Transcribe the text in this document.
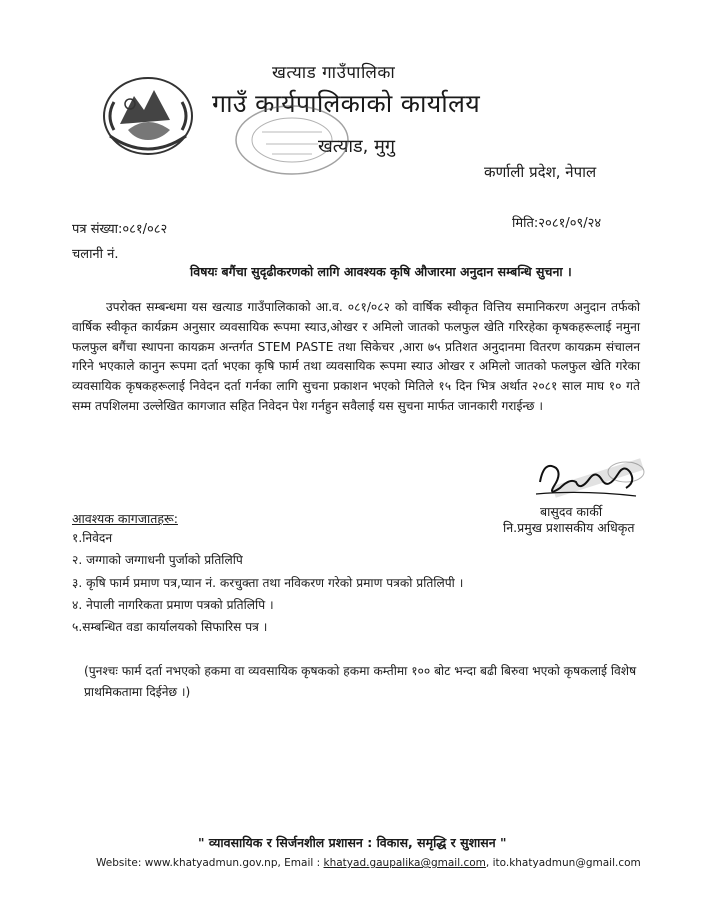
खत्याड गाउँपालिका
गाउँ कार्यपालिकाको कार्यालय
खत्याड, मुगु
कर्णाली प्रदेश, नेपाल
पत्र संख्या:०८१/०८२	मिति:२०८१/०९/२४
चलानी नं.
विषयः बगैंचा सुदृढीकरणको लागि आवश्यक कृषि औजारमा अनुदान सम्बन्धि सुचना ।
उपरोक्त सम्बन्धमा यस खत्याड गाउँपालिकाको आ.व. ०८१/०८२ को वार्षिक स्वीकृत वित्तिय समानिकरण अनुदान तर्फको वार्षिक स्वीकृत कार्यक्रम अनुसार व्यवसायिक रूपमा स्याउ,ओखर र अमिलो जातको फलफुल खेति गरिरहेका कृषकहरूलाई नमुना फलफुल बगैंचा स्थापना कायक्रम अन्तर्गत STEM PASTE तथा सिकेचर ,आरा ७५ प्रतिशत अनुदानमा वितरण कायक्रम संचालन गरिने भएकाले कानुन रूपमा दर्ता भएका कृषि फार्म तथा व्यवसायिक रूपमा स्याउ ओखर र अमिलो जातको फलफुल खेति गरेका व्यवसायिक कृषकहरूलाई निवेदन दर्ता गर्नका लागि सुचना प्रकाशन भएको मितिले १५ दिन भित्र अर्थात २०८१ साल माघ १० गते सम्म तपशिलमा उल्लेखित कागजात सहित निवेदन पेश गर्नहुन सवैलाई यस सुचना मार्फत जानकारी गराईन्छ ।
बासुदव कार्की
नि.प्रमुख प्रशासकीय अधिकृत
आवश्यक कागजातहरू:
१.निवेदन
२. जग्गाको जग्गाधनी पुर्जाको प्रतिलिपि
३. कृषि फार्म प्रमाण पत्र,प्यान नं. करचुक्ता तथा नविकरण गरेको प्रमाण पत्रको प्रतिलिपी ।
४. नेपाली नागरिकता प्रमाण पत्रको प्रतिलिपि ।
५.सम्बन्धित वडा कार्यालयको सिफारिस पत्र ।
(पुनश्चः फार्म दर्ता नभएको हकमा वा व्यवसायिक कृषकको हकमा कम्तीमा १०० बोट भन्दा बढी बिरुवा भएको कृषकलाई विशेष प्राथमिकतामा दिईनेछ ।)
" व्यावसायिक र सिर्जनशील प्रशासन : विकास, समृद्धि र सुशासन "
Website: www.khatyadmun.gov.np, Email : khatyad.gaupalika@gmail.com, ito.khatyadmun@gmail.com
